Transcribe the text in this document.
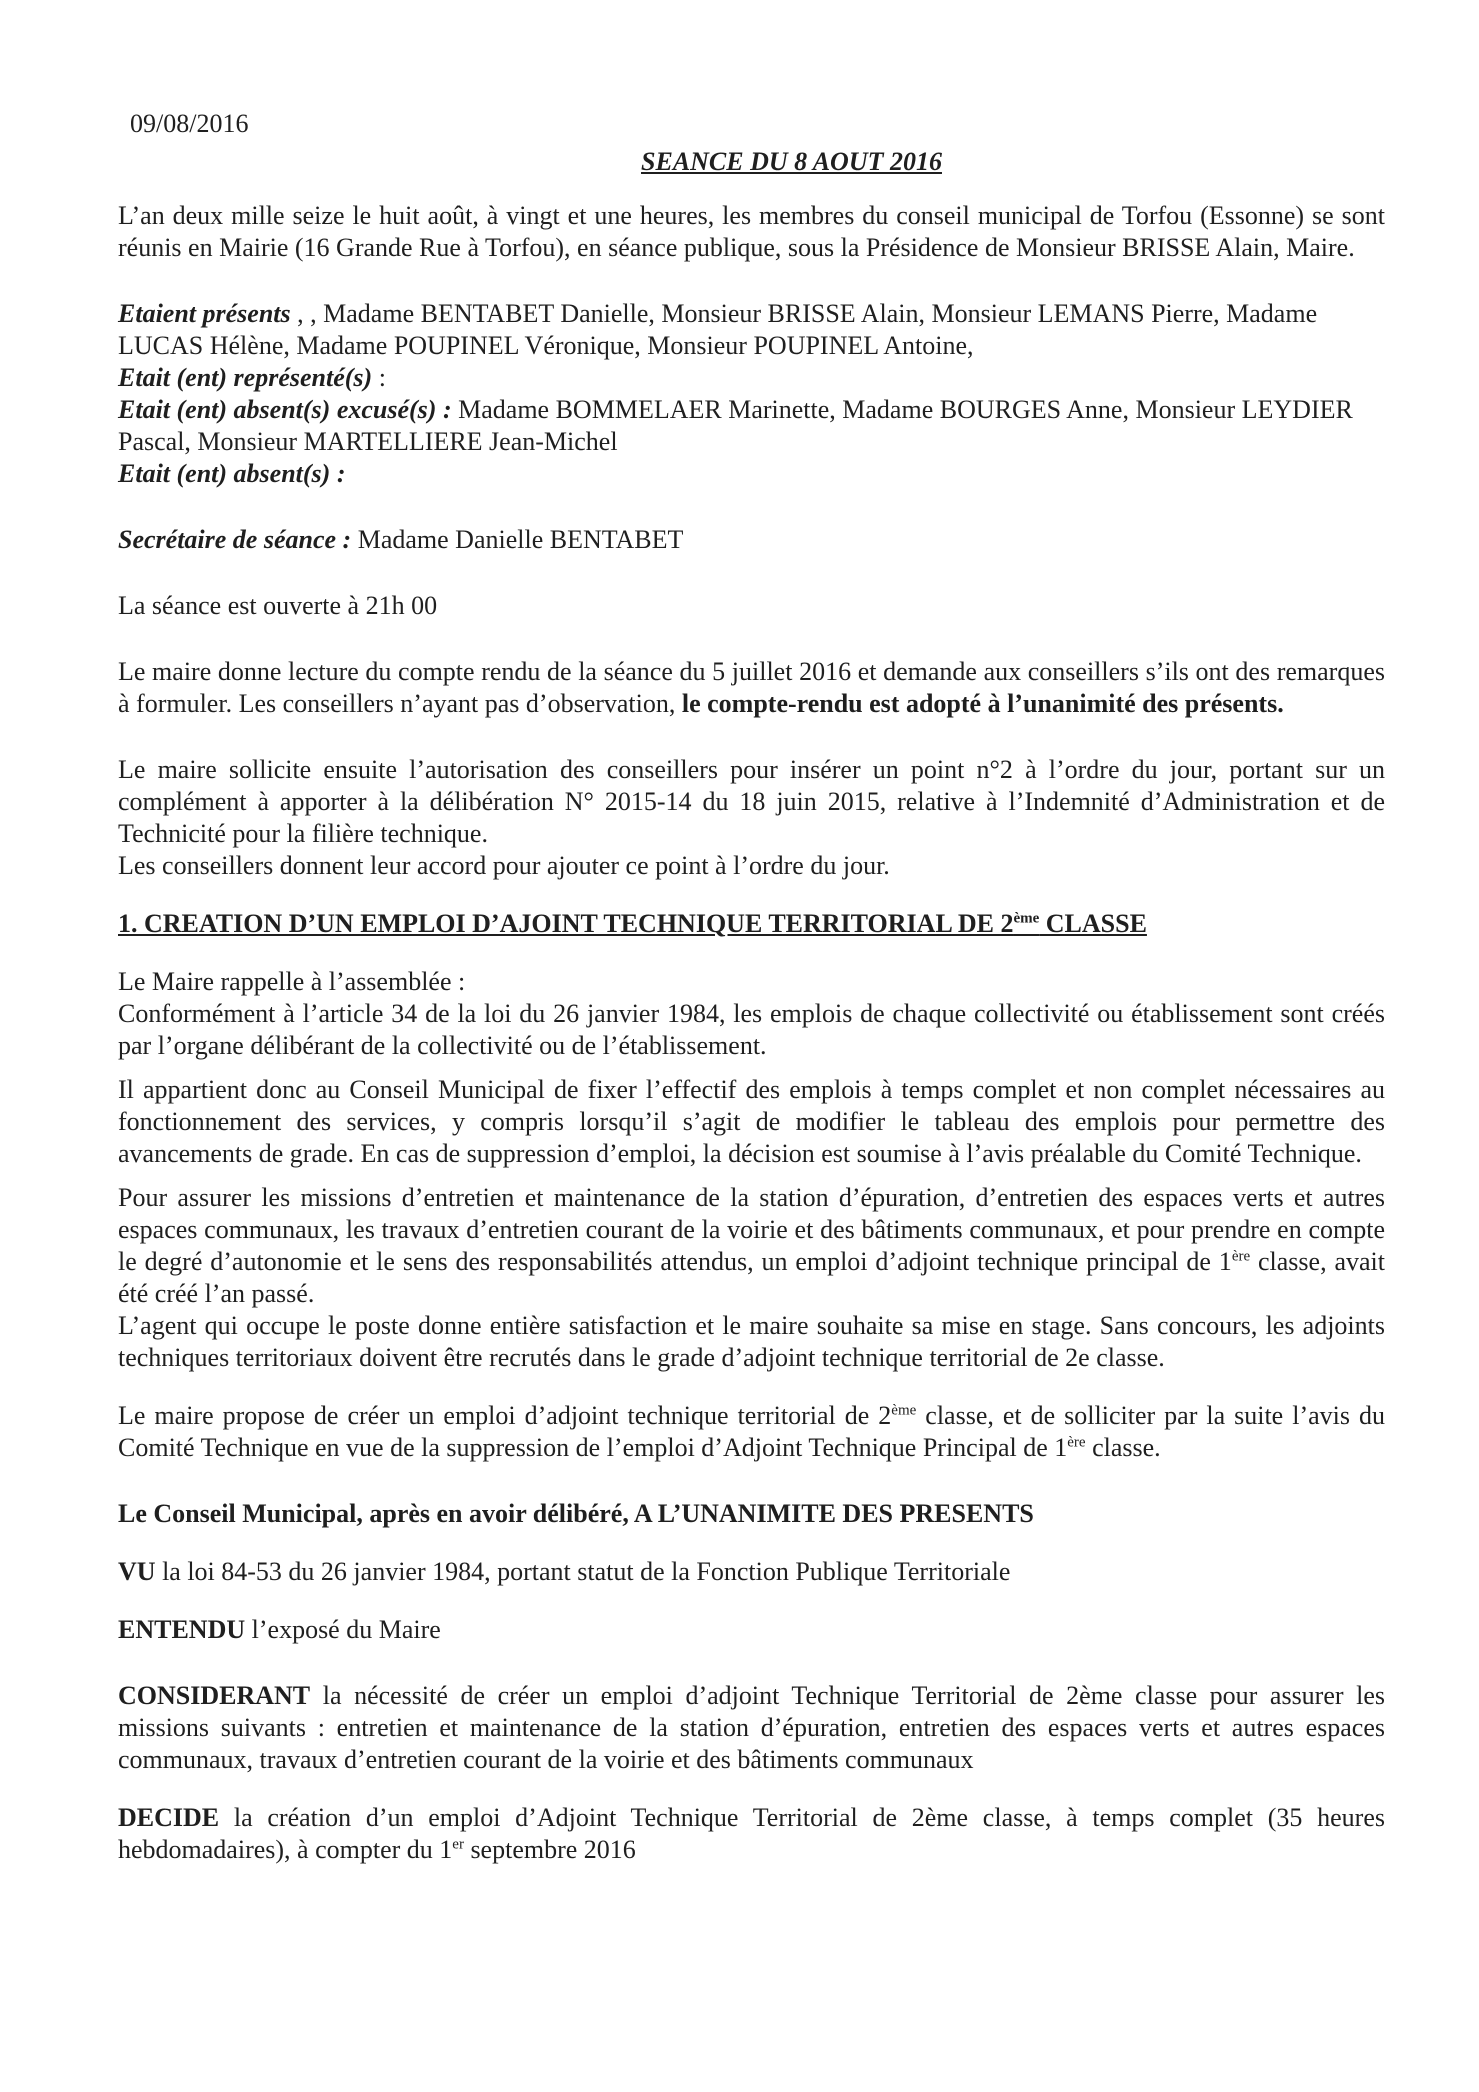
09/08/2016

SEANCE DU 8 AOUT 2016

L’an deux mille seize le huit août, à vingt et une heures, les membres du conseil municipal de Torfou (Essonne) se sont réunis en Mairie (16 Grande Rue à Torfou), en séance publique, sous la Présidence de Monsieur BRISSE Alain, Maire.

Etaient présents , , Madame BENTABET Danielle, Monsieur BRISSE Alain, Monsieur LEMANS Pierre, Madame LUCAS Hélène, Madame POUPINEL Véronique, Monsieur POUPINEL Antoine,

Etait (ent) représenté(s) :

Etait (ent) absent(s) excusé(s) : Madame BOMMELAER Marinette, Madame BOURGES Anne, Monsieur LEYDIER Pascal, Monsieur MARTELLIERE Jean-Michel

Etait (ent) absent(s) :

Secrétaire de séance : Madame Danielle BENTABET

La séance est ouverte à 21h 00

Le maire donne lecture du compte rendu de la séance du 5 juillet 2016 et demande aux conseillers s’ils ont des remarques à formuler. Les conseillers n’ayant pas d’observation, le compte-rendu est adopté à l’unanimité des présents.

Le maire sollicite ensuite l’autorisation des conseillers pour insérer un point n°2 à l’ordre du jour, portant sur un complément à apporter à la délibération N° 2015-14 du 18 juin 2015, relative à l’Indemnité d’Administration et de Technicité pour la filière technique.

Les conseillers donnent leur accord pour ajouter ce point à l’ordre du jour.

1. CREATION D’UN EMPLOI D’AJOINT TECHNIQUE TERRITORIAL DE 2ème CLASSE

Le Maire rappelle à l’assemblée :

Conformément à l’article 34 de la loi du 26 janvier 1984, les emplois de chaque collectivité ou établissement sont créés par l’organe délibérant de la collectivité ou de l’établissement.

Il appartient donc au Conseil Municipal de fixer l’effectif des emplois à temps complet et non complet nécessaires au fonctionnement des services, y compris lorsqu’il s’agit de modifier le tableau des emplois pour permettre des avancements de grade. En cas de suppression d’emploi, la décision est soumise à l’avis préalable du Comité Technique.

Pour assurer les missions d’entretien et maintenance de la station d’épuration, d’entretien des espaces verts et autres espaces communaux, les travaux d’entretien courant de la voirie et des bâtiments communaux, et pour prendre en compte le degré d’autonomie et le sens des responsabilités attendus, un emploi d’adjoint technique principal de 1ère classe, avait été créé l’an passé.

L’agent qui occupe le poste donne entière satisfaction et le maire souhaite sa mise en stage. Sans concours, les adjoints techniques territoriaux doivent être recrutés dans le grade d’adjoint technique territorial de 2e classe.

Le maire propose de créer un emploi d’adjoint technique territorial de 2ème classe, et de solliciter par la suite l’avis du Comité Technique en vue de la suppression de l’emploi d’Adjoint Technique Principal de 1ère classe.

Le Conseil Municipal, après en avoir délibéré, A L’UNANIMITE DES PRESENTS

VU la loi 84-53 du 26 janvier 1984, portant statut de la Fonction Publique Territoriale

ENTENDU l’exposé du Maire

CONSIDERANT la nécessité de créer un emploi d’adjoint Technique Territorial de 2ème classe pour assurer les missions suivants : entretien et maintenance de la station d’épuration, entretien des espaces verts et autres espaces communaux, travaux d’entretien courant de la voirie et des bâtiments communaux

DECIDE la création d’un emploi d’Adjoint Technique Territorial de 2ème classe, à temps complet (35 heures hebdomadaires), à compter du 1er septembre 2016
